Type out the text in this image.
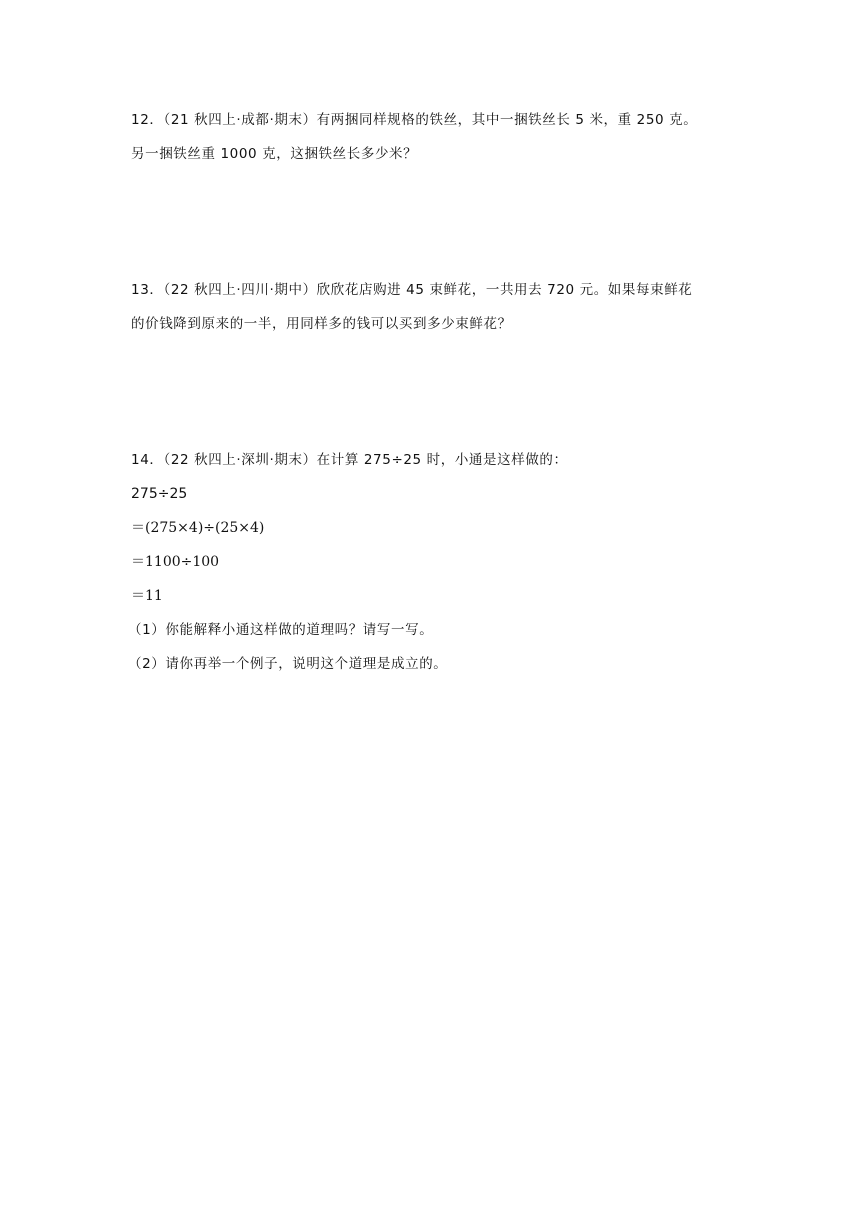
12．（21 秋四上·成都·期末）有两捆同样规格的铁丝，其中一捆铁丝长 5 米，重 250 克。
另一捆铁丝重 1000 克，这捆铁丝长多少米？
13．（22 秋四上·四川·期中）欣欣花店购进 45 束鲜花，一共用去 720 元。如果每束鲜花
的价钱降到原来的一半，用同样多的钱可以买到多少束鲜花？
14．（22 秋四上·深圳·期末）在计算 275÷25 时，小通是这样做的：
275÷25
＝(275×4)÷(25×4)
＝1100÷100
＝11
（1）你能解释小通这样做的道理吗？请写一写。
（2）请你再举一个例子，说明这个道理是成立的。
